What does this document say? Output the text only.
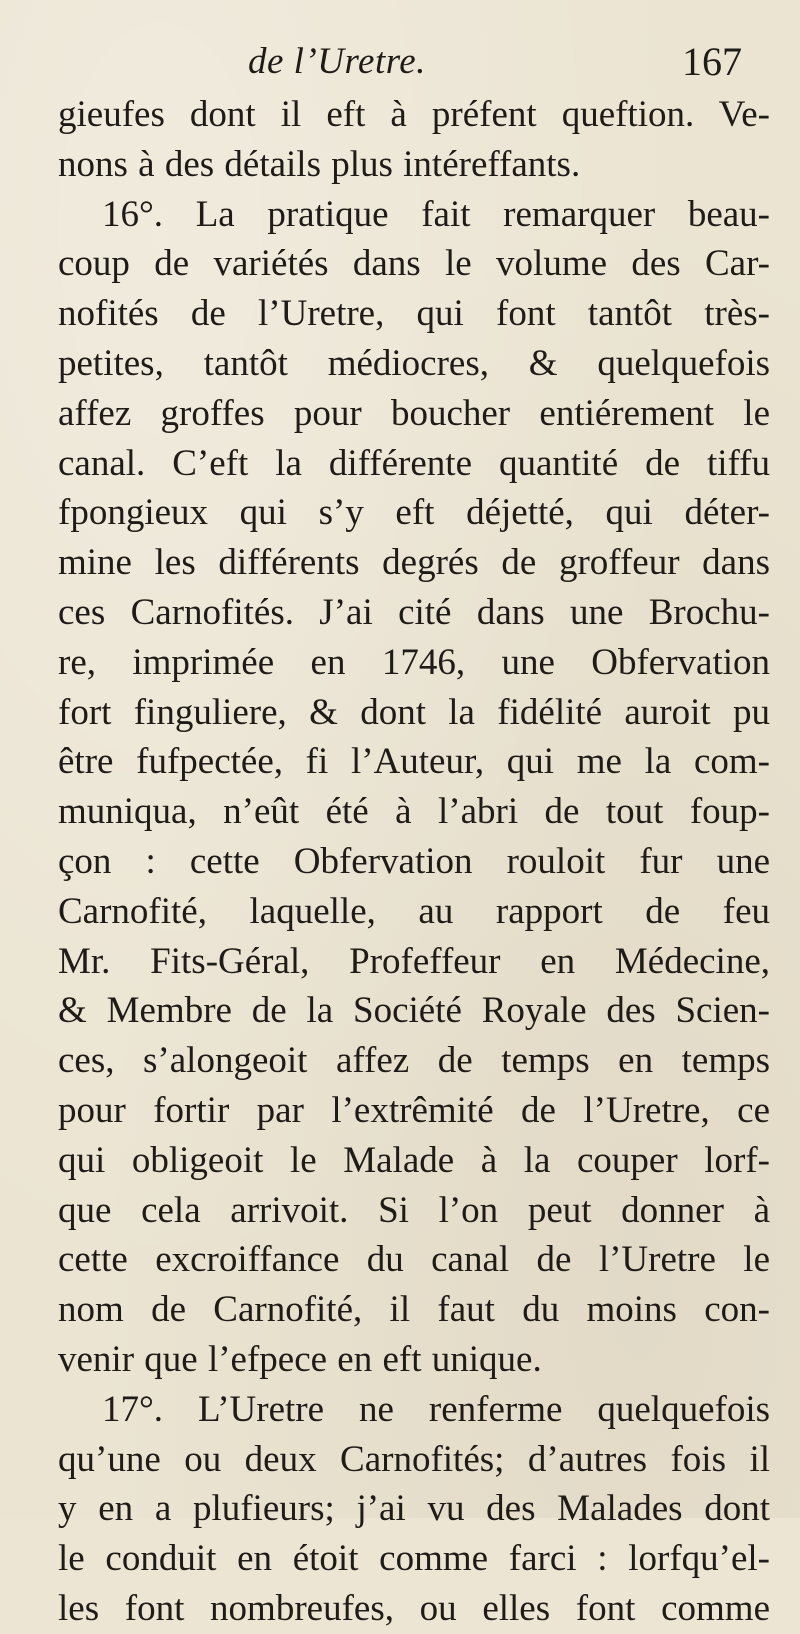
de l’Uretre.	167
gieufes dont il eft à préfent queftion. Ve-
nons à des détails plus intéreffants.
16°. La pratique fait remarquer beau-
coup de variétés dans le volume des Car-
nofités de l’Uretre, qui font tantôt très-
petites, tantôt médiocres, & quelquefois
affez groffes pour boucher entiérement le
canal. C’eft la différente quantité de tiffu
fpongieux qui s’y eft déjetté, qui déter-
mine les différents degrés de groffeur dans
ces Carnofités. J’ai cité dans une Brochu-
re, imprimée en 1746, une Obfervation
fort finguliere, & dont la fidélité auroit pu
être fufpectée, fi l’Auteur, qui me la com-
muniqua, n’eût été à l’abri de tout foup-
çon : cette Obfervation rouloit fur une
Carnofité, laquelle, au rapport de feu
Mr. Fits-Géral, Profeffeur en Médecine,
& Membre de la Société Royale des Scien-
ces, s’alongeoit affez de temps en temps
pour fortir par l’extrêmité de l’Uretre, ce
qui obligeoit le Malade à la couper lorf-
que cela arrivoit. Si l’on peut donner à
cette excroiffance du canal de l’Uretre le
nom de Carnofité, il faut du moins con-
venir que l’efpece en eft unique.
17°. L’Uretre ne renferme quelquefois
qu’une ou deux Carnofités; d’autres fois il
y en a plufieurs; j’ai vu des Malades dont
le conduit en étoit comme farci : lorfqu’el-
les font nombreufes, ou elles font comme
